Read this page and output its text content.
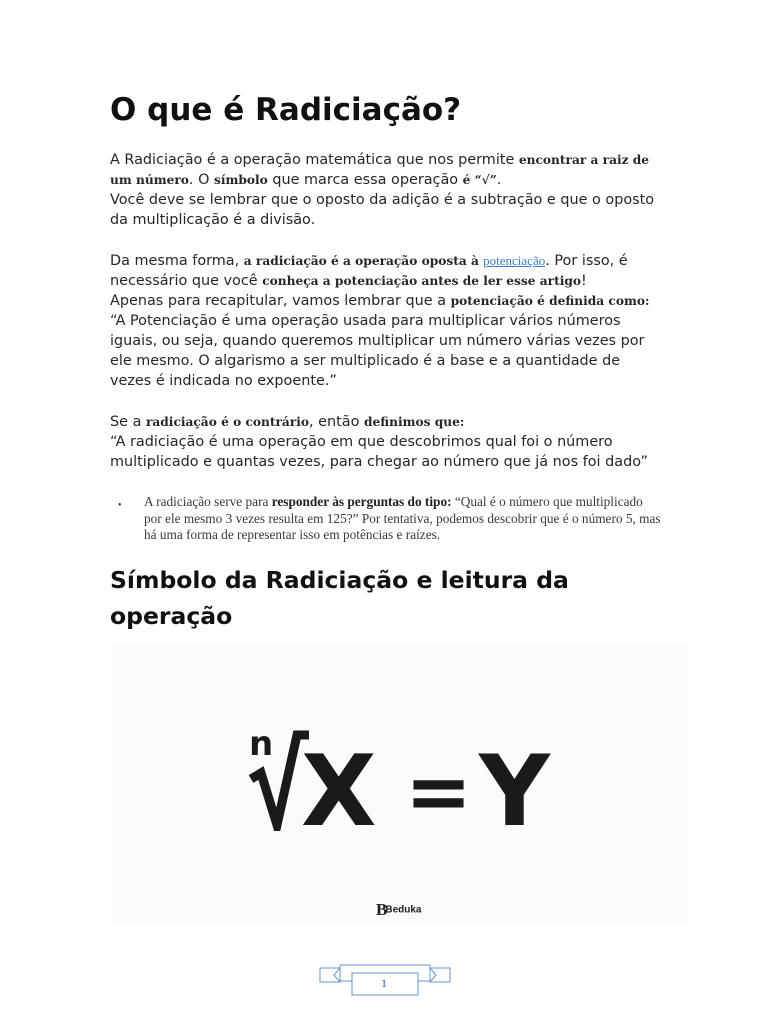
O que é Radiciação?

A Radiciação é a operação matemática que nos permite encontrar a raiz de um número. O símbolo que marca essa operação é “√”.
Você deve se lembrar que o oposto da adição é a subtração e que o oposto da multiplicação é a divisão.

Da mesma forma, a radiciação é a operação oposta à potenciação. Por isso, é necessário que você conheça a potenciação antes de ler esse artigo!
Apenas para recapitular, vamos lembrar que a potenciação é definida como:
“A Potenciação é uma operação usada para multiplicar vários números iguais, ou seja, quando queremos multiplicar um número várias vezes por ele mesmo. O algarismo a ser multiplicado é a base e a quantidade de vezes é indicada no expoente.”

Se a radiciação é o contrário, então definimos que:
“A radiciação é uma operação em que descobrimos qual foi o número multiplicado e quantas vezes, para chegar ao número que já nos foi dado”

• A radiciação serve para responder às perguntas do tipo: “Qual é o número que multiplicado por ele mesmo 3 vezes resulta em 125?” Por tentativa, podemos descobrir que é o número 5, mas há uma forma de representar isso em potências e raízes.
Símbolo da Radiciação e leitura da operação
n X = Y
BBeduka
1
